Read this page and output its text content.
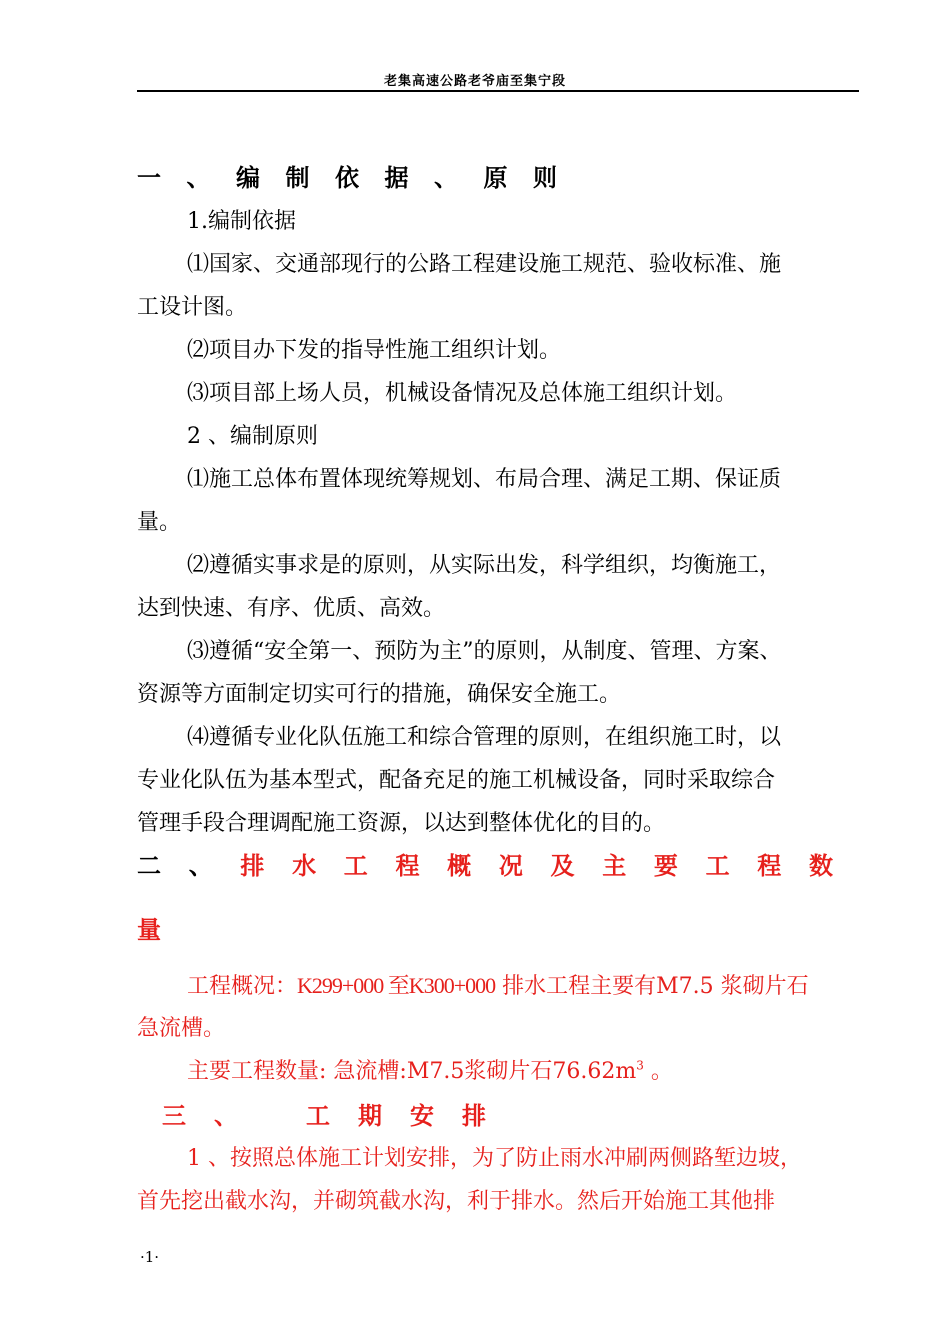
老集高速公路老爷庙至集宁段
一 、 编 制 依 据 、 原 则
1.编制依据
⑴国家、交通部现行的公路工程建设施工规范、验收标准、施
工设计图。
⑵项目办下发的指导性施工组织计划。
⑶项目部上场人员，机械设备情况及总体施工组织计划。
2 、编制原则
⑴施工总体布置体现统筹规划、布局合理、满足工期、保证质
量。
⑵遵循实事求是的原则，从实际出发，科学组织，均衡施工，
达到快速、有序、优质、高效。
⑶遵循“安全第一、预防为主”的原则，从制度、管理、方案、
资源等方面制定切实可行的措施，确保安全施工。
⑷遵循专业化队伍施工和综合管理的原则，在组织施工时，以
专业化队伍为基本型式，配备充足的施工机械设备，同时采取综合
管理手段合理调配施工资源，以达到整体优化的目的。
二 、 排 水 工 程 概 况 及 主 要 工 程 数
量
工程概况：K299+000 至K300+000 排水工程主要有M7.5 浆砌片石
急流槽。
主要工程数量: 急流槽:M7.5浆砌片石$76.62m^3$ 。
三 、	工 期 安 排
1 、按照总体施工计划安排，为了防止雨水冲刷两侧路堑边坡，
首先挖出截水沟，并砌筑截水沟，利于排水。然后开始施工其他排
·1·
